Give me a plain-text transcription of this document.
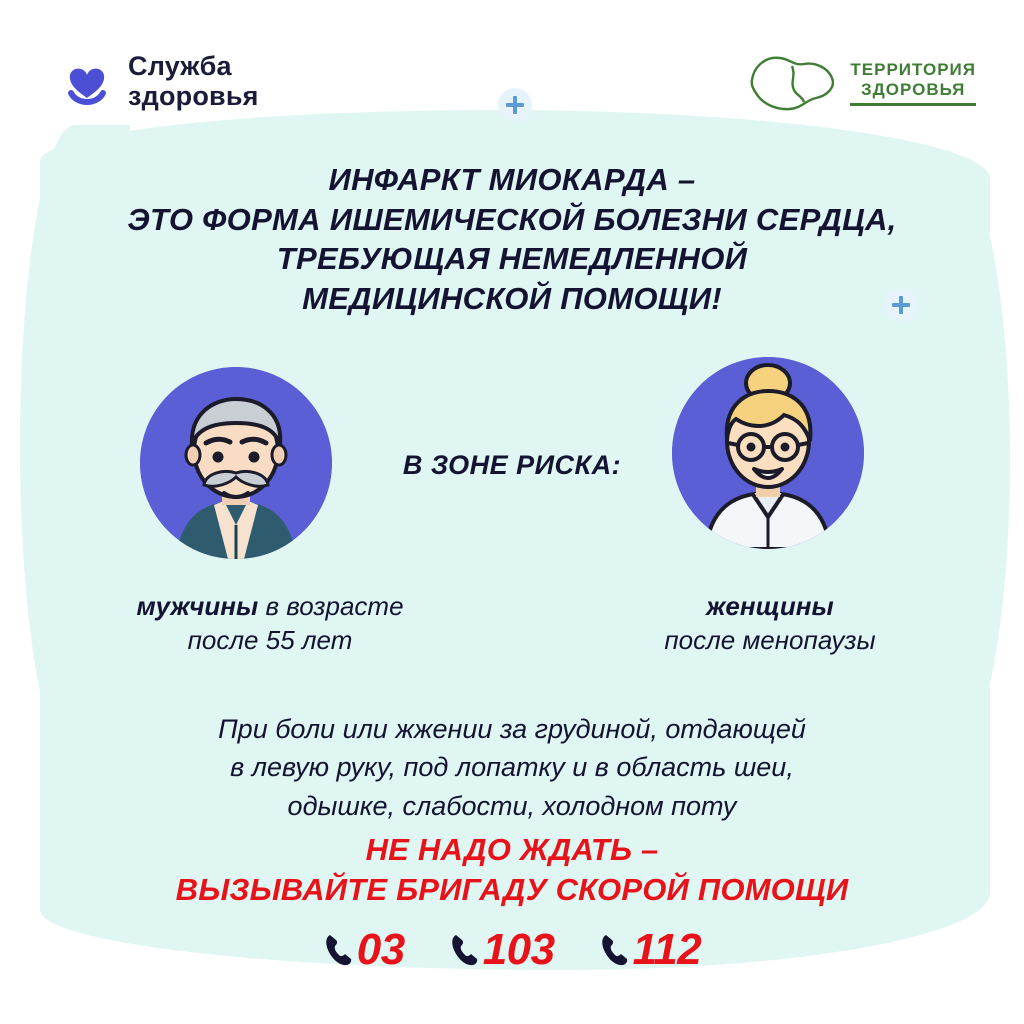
Служба
здоровья
ТЕРРИТОРИЯ
ЗДОРОВЬЯ
ИНФАРКТ МИОКАРДА –
ЭТО ФОРМА ИШЕМИЧЕСКОЙ БОЛЕЗНИ СЕРДЦА,
ТРЕБУЮЩАЯ НЕМЕДЛЕННОЙ
МЕДИЦИНСКОЙ ПОМОЩИ!
В ЗОНЕ РИСКА:
мужчины в возрасте
после 55 лет
женщины
после менопаузы
При боли или жжении за грудиной, отдающей
в левую руку, под лопатку и в область шеи,
одышке, слабости, холодном поту
НЕ НАДО ЖДАТЬ –
ВЫЗЫВАЙТЕ БРИГАДУ СКОРОЙ ПОМОЩИ
03 103 112
